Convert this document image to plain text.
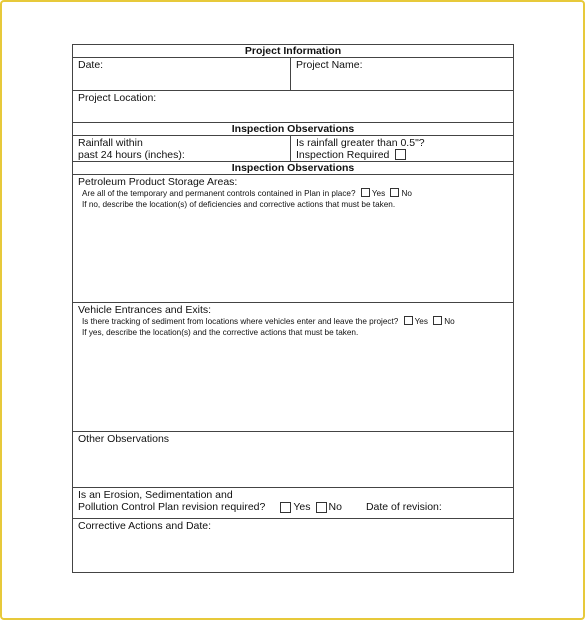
Project Information
Date:	Project Name:
Project Location:
Inspection Observations
Rainfall within
past 24 hours (inches):
Is rainfall greater than 0.5"?
Inspection Required
Inspection Observations
Petroleum Product Storage Areas:
Are all of the temporary and permanent controls contained in Plan in place? Yes No
If no, describe the location(s) of deficiencies and corrective actions that must be taken.
Vehicle Entrances and Exits:
Is there tracking of sediment from locations where vehicles enter and leave the project? Yes No
If yes, describe the location(s) and the corrective actions that must be taken.
Other Observations
Is an Erosion, Sedimentation and
Pollution Control Plan revision required?	Yes No Date of revision:
Corrective Actions and Date:
